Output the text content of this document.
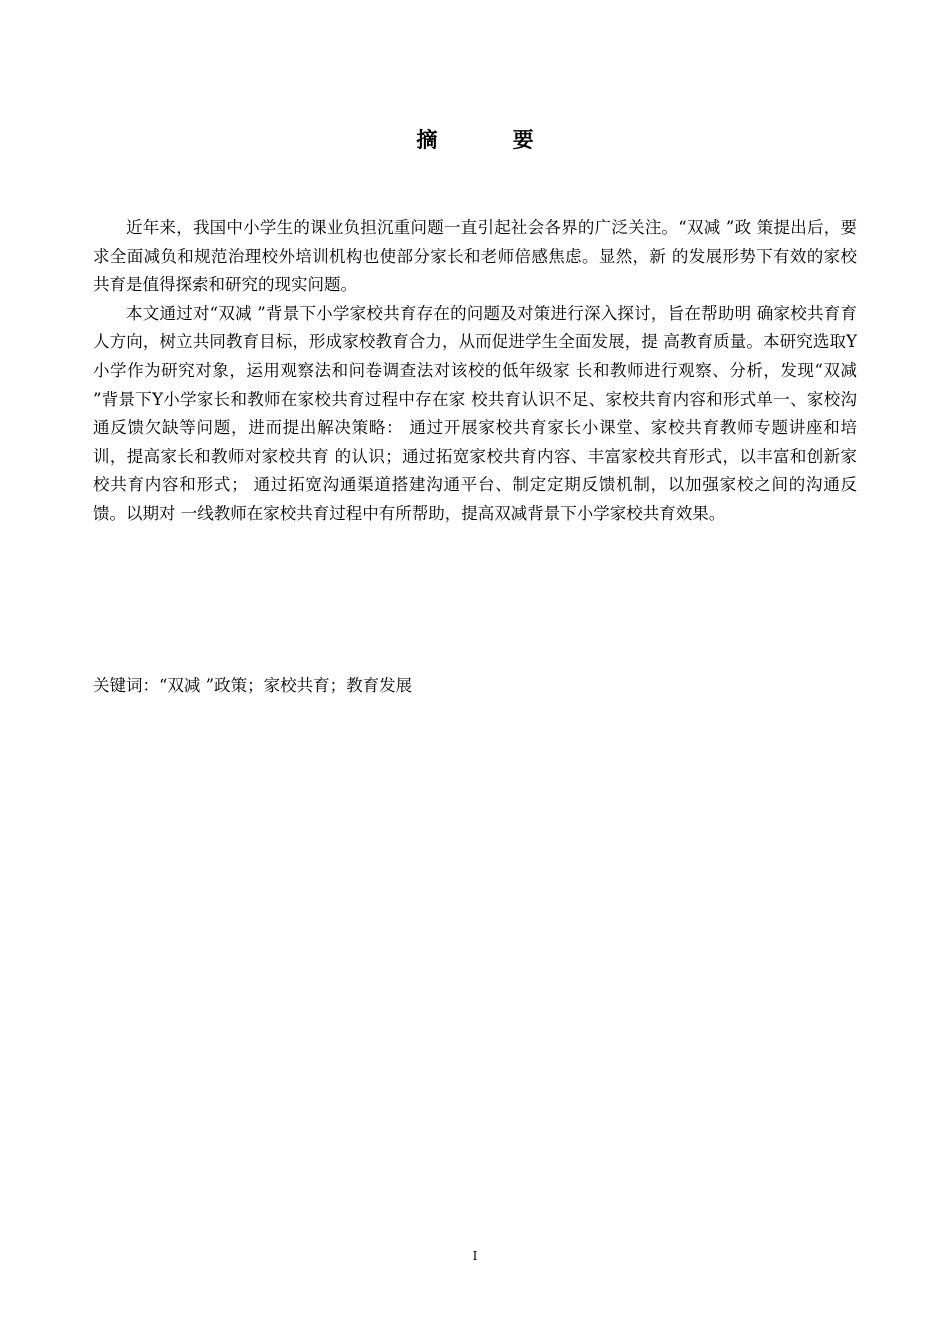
摘 要

近年来，我国中小学生的课业负担沉重问题一直引起社会各界的广泛关注。“双减 ”政 策提出后，要求全面减负和规范治理校外培训机构也使部分家长和老师倍感焦虑。显然，新 的发展形势下有效的家校共育是值得探索和研究的现实问题。

本文通过对“双减 ”背景下小学家校共育存在的问题及对策进行深入探讨，旨在帮助明 确家校共育育人方向，树立共同教育目标，形成家校教育合力，从而促进学生全面发展，提 高教育质量。本研究选取Y小学作为研究对象，运用观察法和问卷调查法对该校的低年级家 长和教师进行观察、分析，发现“双减 ”背景下Y小学家长和教师在家校共育过程中存在家 校共育认识不足、家校共育内容和形式单一、家校沟通反馈欠缺等问题，进而提出解决策略： 通过开展家校共育家长小课堂、家校共育教师专题讲座和培训，提高家长和教师对家校共育 的认识；通过拓宽家校共育内容、丰富家校共育形式，以丰富和创新家校共育内容和形式； 通过拓宽沟通渠道搭建沟通平台、制定定期反馈机制，以加强家校之间的沟通反馈。以期对 一线教师在家校共育过程中有所帮助，提高双减背景下小学家校共育效果。

关键词：“双减 ”政策；家校共育；教育发展
I
